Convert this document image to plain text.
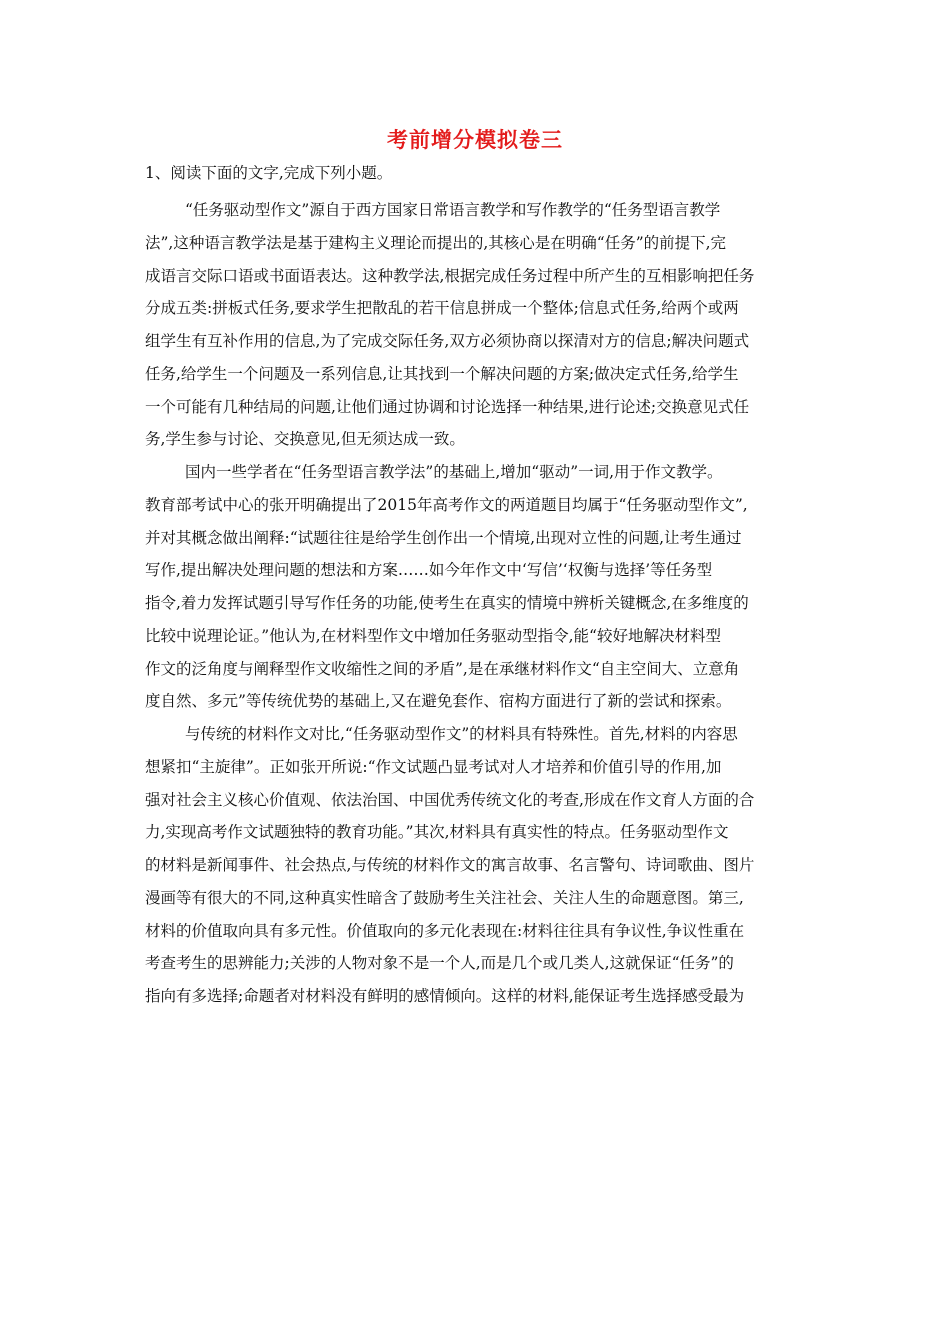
考前增分模拟卷三
1、阅读下面的文字,完成下列小题。
“任务驱动型作文”源自于西方国家日常语言教学和写作教学的“任务型语言教学
法”,这种语言教学法是基于建构主义理论而提出的,其核心是在明确“任务”的前提下,完
成语言交际口语或书面语表达。这种教学法,根据完成任务过程中所产生的互相影响把任务
分成五类:拼板式任务,要求学生把散乱的若干信息拼成一个整体;信息式任务,给两个或两
组学生有互补作用的信息,为了完成交际任务,双方必须协商以探清对方的信息;解决问题式
任务,给学生一个问题及一系列信息,让其找到一个解决问题的方案;做决定式任务,给学生
一个可能有几种结局的问题,让他们通过协调和讨论选择一种结果,进行论述;交换意见式任
务,学生参与讨论、交换意见,但无须达成一致。
国内一些学者在“任务型语言教学法”的基础上,增加“驱动”一词,用于作文教学。
教育部考试中心的张开明确提出了2015年高考作文的两道题目均属于“任务驱动型作文”,
并对其概念做出阐释:“试题往往是给学生创作出一个情境,出现对立性的问题,让考生通过
写作,提出解决处理问题的想法和方案……如今年作文中‘写信’‘权衡与选择’等任务型
指令,着力发挥试题引导写作任务的功能,使考生在真实的情境中辨析关键概念,在多维度的
比较中说理论证。”他认为,在材料型作文中增加任务驱动型指令,能“较好地解决材料型
作文的泛角度与阐释型作文收缩性之间的矛盾”,是在承继材料作文“自主空间大、立意角
度自然、多元”等传统优势的基础上,又在避免套作、宿构方面进行了新的尝试和探索。
与传统的材料作文对比,“任务驱动型作文”的材料具有特殊性。首先,材料的内容思
想紧扣“主旋律”。正如张开所说:“作文试题凸显考试对人才培养和价值引导的作用,加
强对社会主义核心价值观、依法治国、中国优秀传统文化的考查,形成在作文育人方面的合
力,实现高考作文试题独特的教育功能。”其次,材料具有真实性的特点。任务驱动型作文
的材料是新闻事件、社会热点,与传统的材料作文的寓言故事、名言警句、诗词歌曲、图片
漫画等有很大的不同,这种真实性暗含了鼓励考生关注社会、关注人生的命题意图。第三,
材料的价值取向具有多元性。价值取向的多元化表现在:材料往往具有争议性,争议性重在
考查考生的思辨能力;关涉的人物对象不是一个人,而是几个或几类人,这就保证“任务”的
指向有多选择;命题者对材料没有鲜明的感情倾向。这样的材料,能保证考生选择感受最为
